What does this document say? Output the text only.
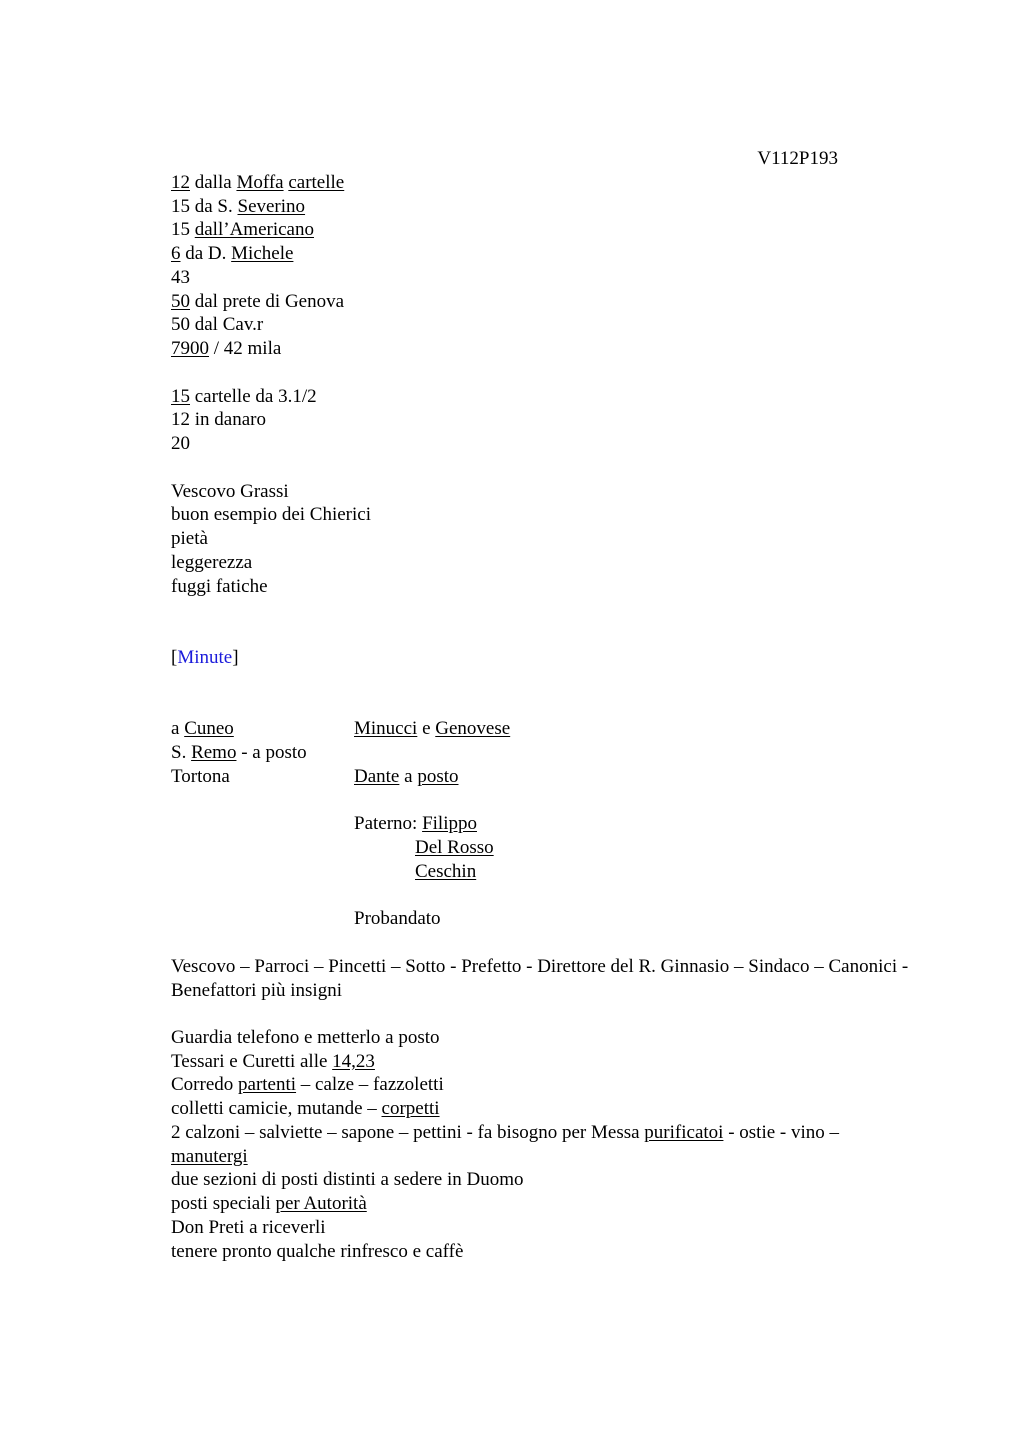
V112P193
12 dalla Moffa cartelle
15 da S. Severino
15 dall’Americano
6 da D. Michele
43
50 dal prete di Genova
50 dal Cav.r
7900 / 42 mila
15 cartelle da 3.1/2
12 in danaro
20
Vescovo Grassi
buon esempio dei Chierici
pietà
leggerezza
fuggi fatiche
[Minute]
a Cuneo
S. Remo - a posto
Tortona
Minucci e Genovese
Dante a posto
Paterno: Filippo
Del Rosso
Ceschin
Probandato
Vescovo – Parroci – Pincetti – Sotto - Prefetto - Direttore del R. Ginnasio – Sindaco – Canonici - Benefattori più insigni
Guardia telefono e metterlo a posto
Tessari e Curetti alle 14,23
Corredo partenti – calze – fazzoletti
colletti camicie, mutande – corpetti
2 calzoni – salviette – sapone – pettini - fa bisogno per Messa purificatoi - ostie - vino – manutergi
due sezioni di posti distinti a sedere in Duomo
posti speciali per Autorità
Don Preti a riceverli
tenere pronto qualche rinfresco e caffè
